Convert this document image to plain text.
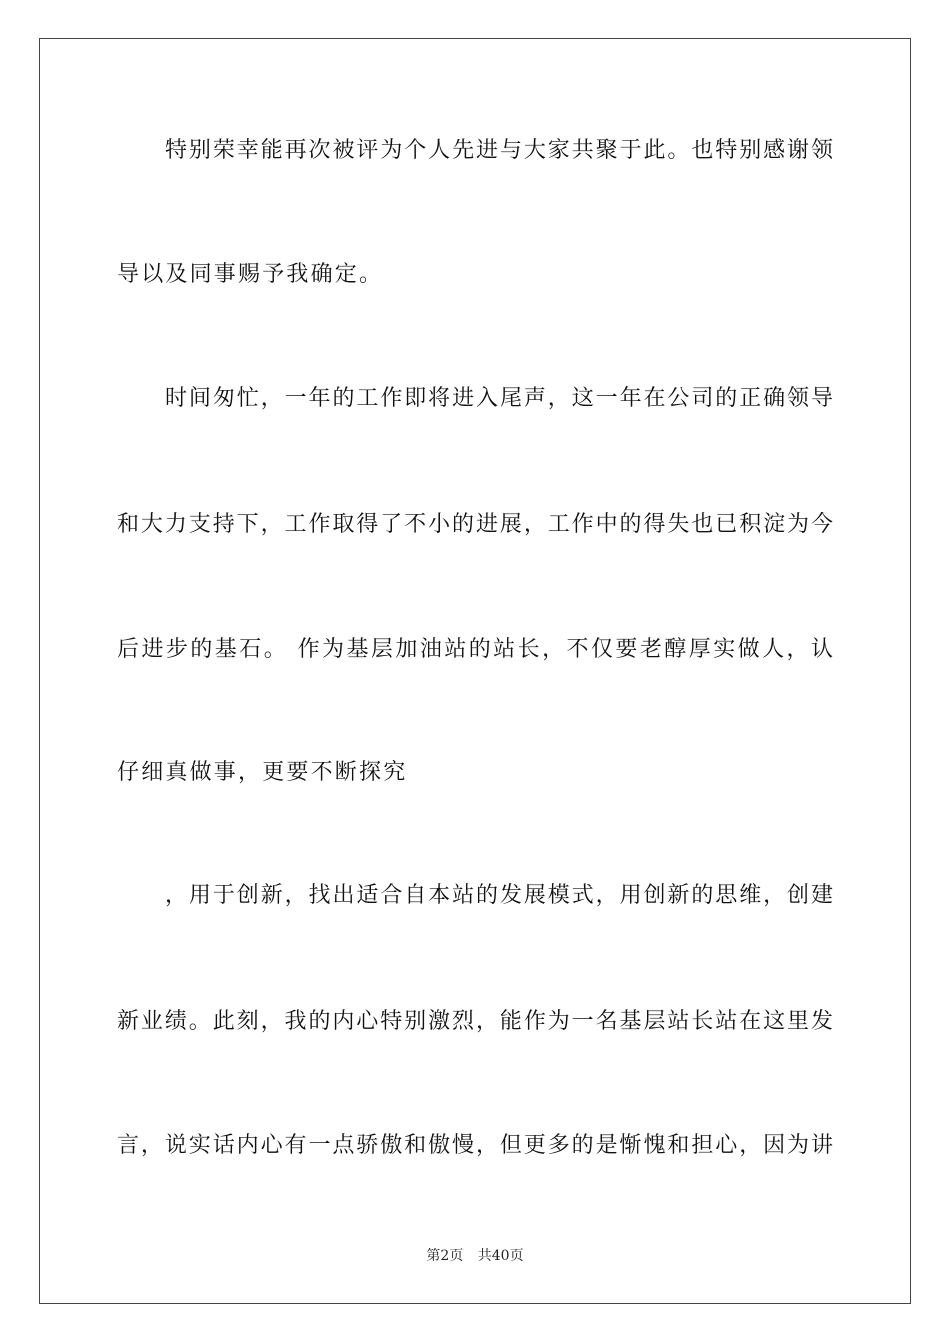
特别荣幸能再次被评为个人先进与大家共聚于此。也特别感谢领
导以及同事赐予我确定。
时间匆忙，一年的工作即将进入尾声，这一年在公司的正确领导
和大力支持下，工作取得了不小的进展，工作中的得失也已积淀为今
后进步的基石。 作为基层加油站的站长，不仅要老醇厚实做人，认
仔细真做事，更要不断探究
，用于创新，找出适合自本站的发展模式，用创新的思维，创建
新业绩。此刻，我的内心特别激烈，能作为一名基层站长站在这里发
言，说实话内心有一点骄傲和傲慢，但更多的是惭愧和担心，因为讲
第2页 共40页
